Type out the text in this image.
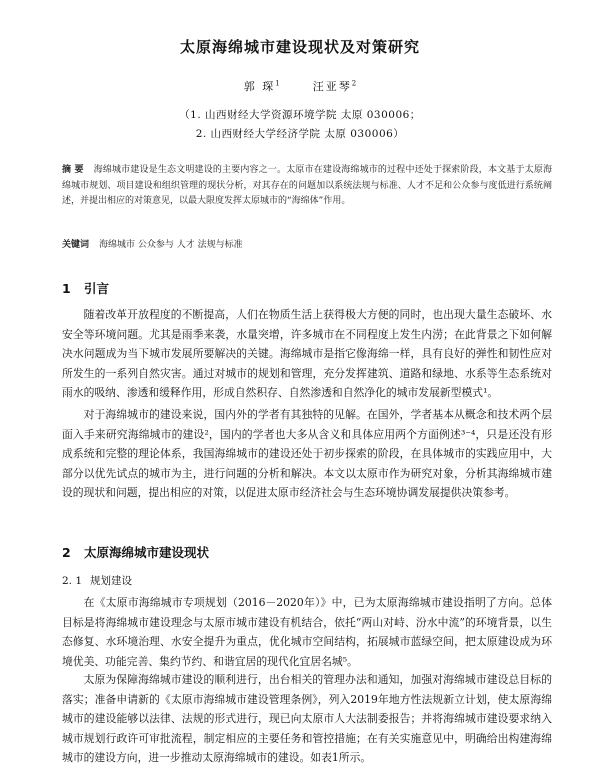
太原海绵城市建设现状及对策研究
郭 琛$^1$	汪亚琴$^2$
（1. 山西财经大学资源环境学院 太原 030006；
2. 山西财经大学经济学院 太原 030006）
摘 要 海绵城市建设是生态文明建设的主要内容之一。太原市在建设海绵城市的过程中还处于探索阶段，本文基于太原海绵城市规划、项目建设和组织管理的现状分析，对其存在的问题加以系统法规与标准、人才不足和公众参与度低进行系统阐述，并提出相应的对策意见，以最大限度发挥太原城市的“海绵体”作用。
关键词 海绵城市 公众参与 人才 法规与标准
1 引言
随着改革开放程度的不断提高，人们在物质生活上获得极大方便的同时，也出现大量生态破坏、水安全等环境问题。尤其是雨季来袭，水量突增，许多城市在不同程度上发生内涝；在此背景之下如何解决水问题成为当下城市发展所要解决的关键。海绵城市是指它像海绵一样，具有良好的弹性和韧性应对所发生的一系列自然灾害。通过对城市的规划和管理，充分发挥建筑、道路和绿地、水系等生态系统对雨水的吸纳、渗透和缓释作用，形成自然积存、自然渗透和自然净化的城市发展新型模式¹。
对于海绵城市的建设来说，国内外的学者有其独特的见解。在国外，学者基本从概念和技术两个层面入手来研究海绵城市的建设²，国内的学者也大多从含义和具体应用两个方面例述³⁻⁴，只是还没有形成系统和完整的理论体系，我国海绵城市的建设还处于初步探索的阶段，在具体城市的实践应用中，大部分以优先试点的城市为主，进行问题的分析和解决。本文以太原市作为研究对象，分析其海绵城市建设的现状和问题，提出相应的对策，以促进太原市经济社会与生态环境协调发展提供决策参考。
2 太原海绵城市建设现状
2. 1 规划建设
在《太原市海绵城市专项规划（2016－2020年）》中，已为太原海绵城市建设指明了方向。总体目标是将海绵城市建设理念与太原市城市建设有机结合，依托“两山对峙、汾水中流”的环境背景，以生态修复、水环境治理、水安全提升为重点，优化城市空间结构，拓展城市蓝绿空间，把太原建设成为环境优美、功能完善、集约节约、和谐宜居的现代化宜居名城⁵。
太原为保障海绵城市建设的顺利进行，出台相关的管理办法和通知，加强对海绵城市建设总目标的落实；准备申请新的《太原市海绵城市建设管理条例》，列入2019年地方性法规新立计划，使太原海绵城市的建设能够以法律、法规的形式进行，现已向太原市人大法制委报告；并将海绵城市建设要求纳入城市规划行政许可审批流程，制定相应的主要任务和管控措施；在有关实施意见中，明确给出构建海绵城市的建设方向，进一步推动太原海绵城市的建设。如表1所示。
